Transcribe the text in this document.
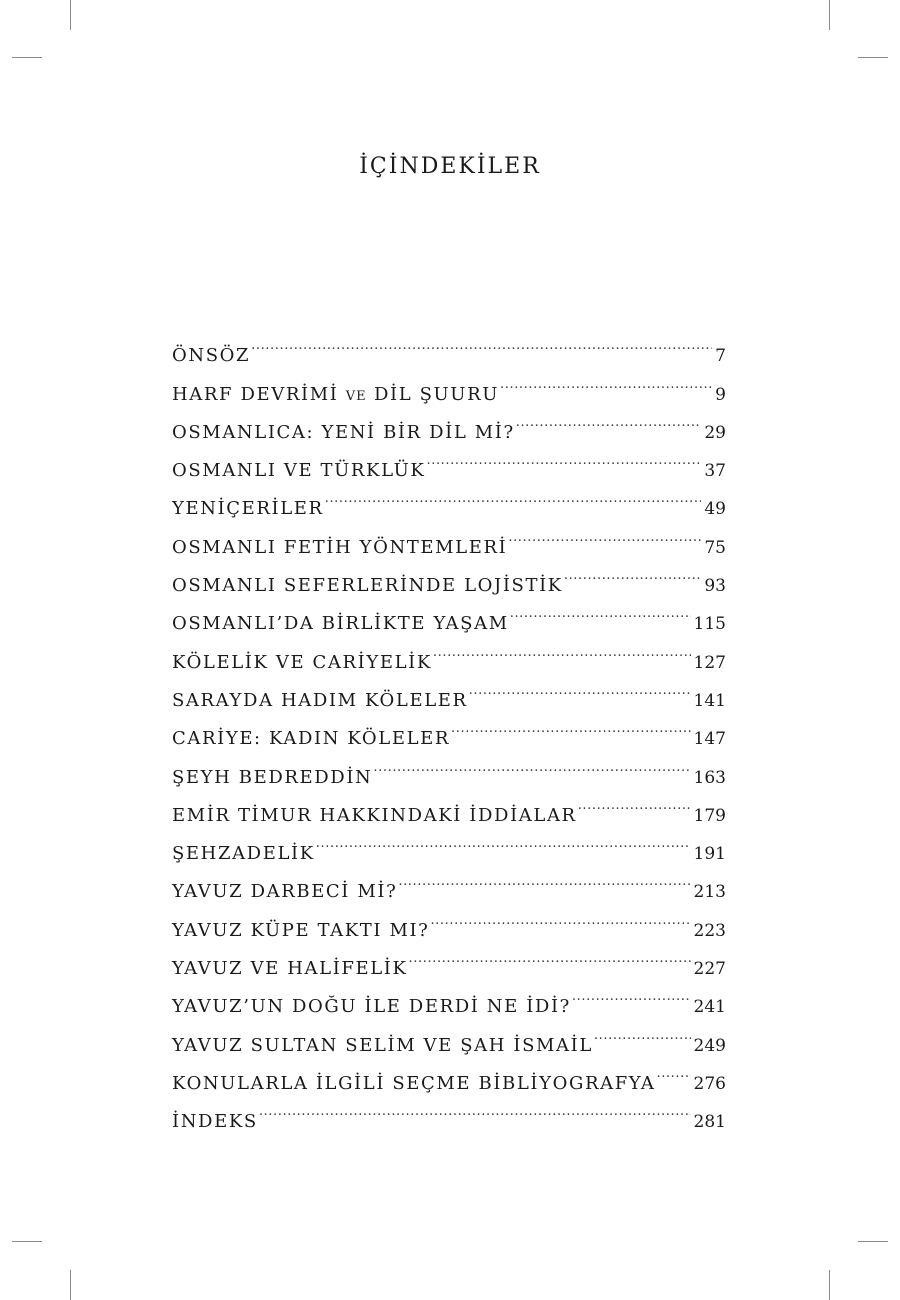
İÇİNDEKİLER
ÖNSÖZ .....	7
HARF DEVRİMİ VE DİL ŞUURU .....	9
OSMANLICA: YENİ BİR DİL Mİ? .....	29
OSMANLI VE TÜRKLÜK .....	37
YENİÇERİLER .....	49
OSMANLI FETİH YÖNTEMLERİ .....	75
OSMANLI SEFERLERİNDE LOJİSTİK .....	93
OSMANLI’DA BİRLİKTE YAŞAM .....	115
KÖLELİK VE CARİYELİK .....	127
SARAYDA HADIM KÖLELER .....	141
CARİYE: KADIN KÖLELER .....	147
ŞEYH BEDREDDİN .....	163
EMİR TİMUR HAKKINDAKİ İDDİALAR .....	179
ŞEHZADELİK .....	191
YAVUZ DARBECİ Mİ? .....	213
YAVUZ KÜPE TAKTI MI? .....	223
YAVUZ VE HALİFELİK .....	227
YAVUZ’UN DOĞU İLE DERDİ NE İDİ? .....	241
YAVUZ SULTAN SELİM VE ŞAH İSMAİL .....	249
KONULARLA İLGİLİ SEÇME BİBLİYOGRAFYA ..... 276
İNDEKS .....	281
